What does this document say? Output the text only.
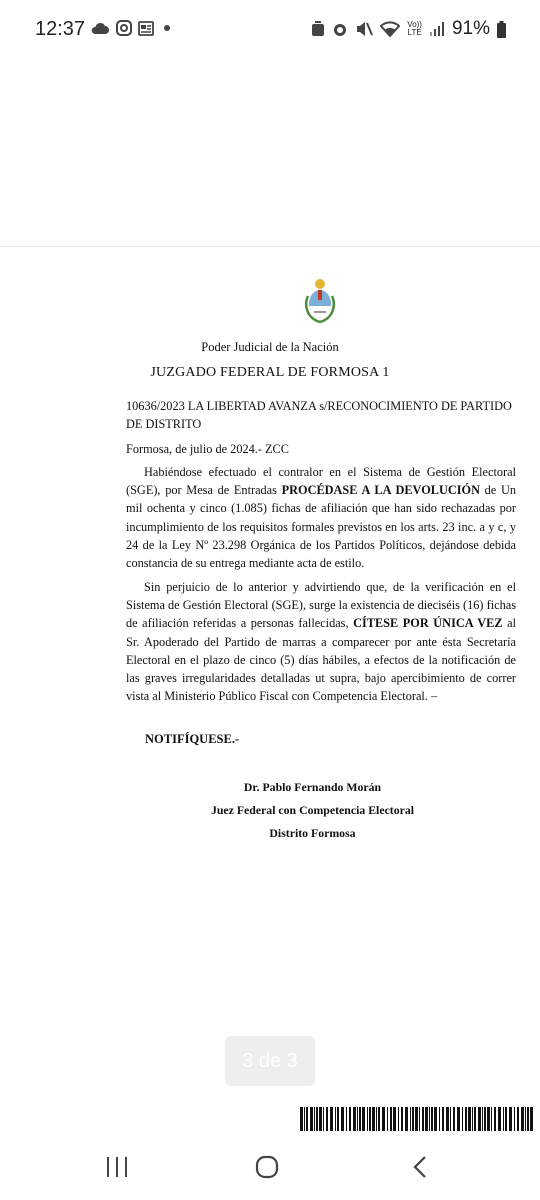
12:37	Vo))
LTE 91%
Poder Judicial de la Nación
JUZGADO FEDERAL DE FORMOSA 1
10636/2023 LA LIBERTAD AVANZA s/RECONOCIMIENTO DE PARTIDO DE DISTRITO
Formosa, de julio de 2024.- ZCC
Habiéndose efectuado el contralor en el Sistema de Gestión Electoral (SGE), por Mesa de Entradas PROCÉDASE A LA DEVOLUCIÓN de Un mil ochenta y cinco (1.085) fichas de afiliación que han sido rechazadas por incumplimiento de los requisitos formales previstos en los arts. 23 inc. a y c, y 24 de la Ley Nº 23.298 Orgánica de los Partidos Políticos, dejándose debida constancia de su entrega mediante acta de estilo.
Sin perjuicio de lo anterior y advirtiendo que, de la verificación en el Sistema de Gestión Electoral (SGE), surge la existencia de dieciséis (16) fichas de afiliación referidas a personas fallecidas, CÍTESE POR ÚNICA VEZ al Sr. Apoderado del Partido de marras a comparecer por ante ésta Secretaría Electoral en el plazo de cinco (5) días hábiles, a efectos de la notificación de las graves irregularidades detalladas ut supra, bajo apercibimiento de correr vista al Ministerio Público Fiscal con Competencia Electoral. –
NOTIFÍQUESE.-
Dr. Pablo Fernando Morán
Juez Federal con Competencia Electoral
Distrito Formosa
3 de 3
